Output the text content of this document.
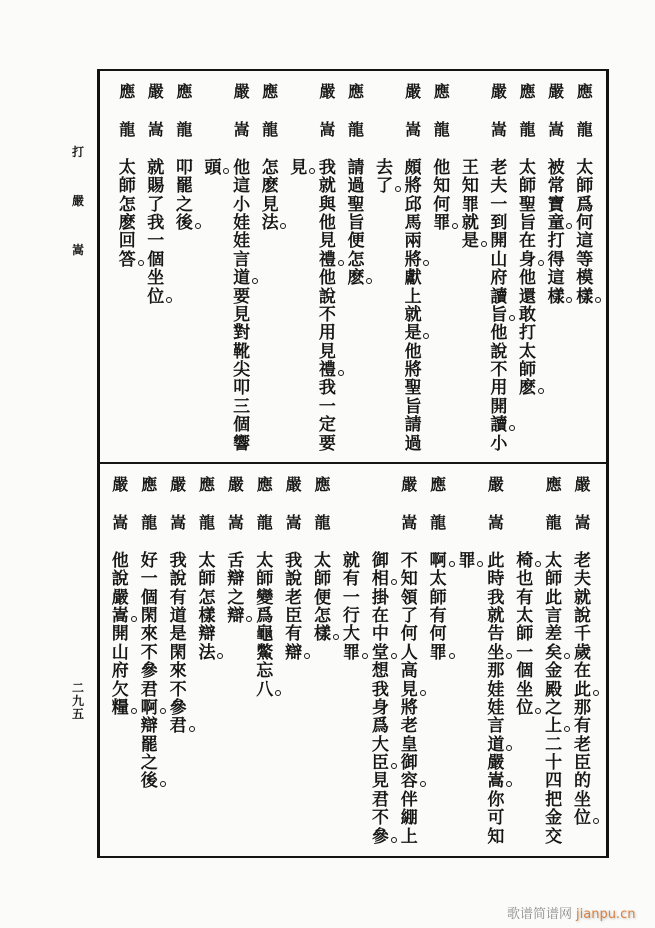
打
嚴
嵩
二
九
五
應
龍
太
師
爲
何
這
等
模
樣
嚴
嵩
被
常
寶
童
打
得
這
樣
應
龍
太
師
聖
旨
在
身
他
還
敢
打
太
師
麽
嚴
嵩
老
夫
一
到
開
山
府
讀
旨
他
說
不
用
開
讀
小
王
知
罪
就
是
應
龍
他
知
何
罪
嚴
嵩
頗
將
邱
馬
兩
將
獻
上
就
是
他
將
聖
旨
請
過
去
了
應
龍
請
過
聖
旨
便
怎
麽
嚴
嵩
我
就
與
他
見
禮
他
說
不
用
見
禮
我
一
定
要
見
應
龍
怎
麽
見
法
嚴
嵩
他
這
小
娃
娃
言
道
要
見
對
靴
尖
叩
三
個
響
頭
應
龍
叩
罷
之
後
嚴
嵩
就
賜
了
我
一
個
坐
位
應
龍
太
師
怎
麽
回
答
嚴
嵩
老
夫
就
說
千
歲
在
此
那
有
老
臣
的
坐
位
應
龍
太
師
此
言
差
矣
金
殿
之
上
二
十
四
把
金
交
椅
也
有
太
師
一
個
坐
位
嚴
嵩
此
時
我
就
告
坐
那
娃
娃
言
道
嚴
嵩
你
可
知
罪
應
龍
啊
太
師
有
何
罪
嚴
嵩
不
知
領
了
何
人
高
見
將
老
皇
御
容
伴
綳
上
御
相
掛
在
中
堂
想
我
身
爲
大
臣
見
君
不
參
就
有
一
行
大
罪
應
龍
太
師
便
怎
樣
嚴
嵩
我
說
老
臣
有
辯
應
龍
太
師
變
爲
龜
鱉
忘
八
嚴
嵩
舌
辯
之
辯
應
龍
太
師
怎
樣
辯
法
嚴
嵩
我
說
有
道
是
閑
來
不
參
君
應
龍
好
一
個
閑
來
不
參
君
啊
辯
罷
之
後
嚴
嵩
他
說
嚴
嵩
開
山
府
欠
糧
歌谱简谱网 jianpu.cn
